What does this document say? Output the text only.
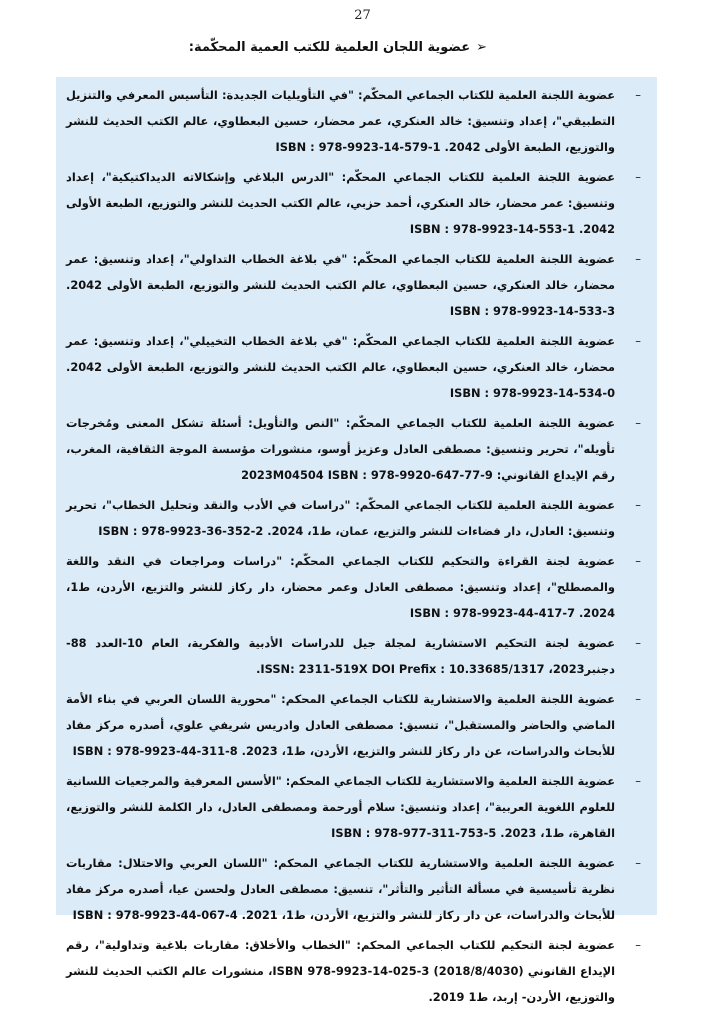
27
➢
عضوية اللجان العلمية للكتب العمية المحكّمة:
–
عضوية اللجنة العلمية للكتاب الجماعي المحكّم: "في التأويليات الجديدة: التأسيس المعرفي والتنزيل التطبيقي"، إعداد وتنسيق: خالد العنكري، عمر محضار، حسين البعطاوي، عالم الكتب الحديث للنشر والتوزيع، الطبعة الأولى 2042. ISBN : 978-9923-14-579-1
–
عضوية اللجنة العلمية للكتاب الجماعي المحكّم: "الدرس البلاغي وإشكالاته الديداكتيكية"، إعداد وتنسيق: عمر محضار، خالد العنكري، أحمد حزبي، عالم الكتب الحديث للنشر والتوزيع، الطبعة الأولى 2042. ISBN : 978-9923-14-553-1
–
عضوية اللجنة العلمية للكتاب الجماعي المحكّم: "في بلاغة الخطاب التداولي"، إعداد وتنسيق: عمر محضار، خالد العنكري، حسين البعطاوي، عالم الكتب الحديث للنشر والتوزيع، الطبعة الأولى 2042. ISBN : 978-9923-14-533-3
–
عضوية اللجنة العلمية للكتاب الجماعي المحكّم: "في بلاغة الخطاب التخييلي"، إعداد وتنسيق: عمر محضار، خالد العنكري، حسين البعطاوي، عالم الكتب الحديث للنشر والتوزيع، الطبعة الأولى 2042. ISBN : 978-9923-14-534-0
–
عضوية اللجنة العلمية للكتاب الجماعي المحكّم: "النص والتأويل: أسئلة تشكل المعنى ومُخرجات تأويله"، تحرير وتنسيق: مصطفى العادل وعزيز أوسو، منشورات مؤسسة الموجة الثقافية، المغرب، رقم الإيداع القانوني: 2023M04504 ISBN : 978-9920-647-77-9
–
عضوية اللجنة العلمية للكتاب الجماعي المحكّم: "دراسات في الأدب والنقد وتحليل الخطاب"، تحرير وتنسيق: العادل، دار فضاءات للنشر والتزيع، عمان، ط1، 2024. ISBN : 978-9923-36-352-2
–
عضوية لجنة القراءة والتحكيم للكتاب الجماعي المحكّم: "دراسات ومراجعات في النقد واللغة والمصطلح"، إعداد وتنسيق: مصطفى العادل وعمر محضار، دار ركاز للنشر والتزيع، الأردن، ط1، 2024. ISBN : 978-9923-44-417-7
–
عضوية لجنة التحكيم الاستشارية لمجلة جيل للدراسات الأدبية والفكرية، العام 10-العدد 88- دجنبر2023، ISSN: 2311-519X DOI Prefix : 10.33685/1317.
–
عضوية اللجنة العلمية والاستشارية للكتاب الجماعي المحكم: "محورية اللسان العربي في بناء الأمة الماضي والحاضر والمستقبل"، تنسيق: مصطفى العادل وادريس شريفي علوي، أصدره مركز مفاد للأبحاث والدراسات، عن دار ركاز للنشر والتزيع، الأردن، ط1، 2023. ISBN : 978-9923-44-311-8
–
عضوية اللجنة العلمية والاستشارية للكتاب الجماعي المحكم: "الأسس المعرفية والمرجعيات اللسانية للعلوم اللغوية العربية"، إعداد وتنسيق: سلام أورحمة ومصطفى العادل، دار الكلمة للنشر والتوزيع، القاهرة، ط1، 2023. ISBN : 978-977-311-753-5
–
عضوية اللجنة العلمية والاستشارية للكتاب الجماعي المحكم: "اللسان العربي والاحتلال: مقاربات نظرية تأسيسية في مسألة التأثير والتأثر"، تنسيق: مصطفى العادل ولحسن عيا، أصدره مركز مفاد للأبحاث والدراسات، عن دار ركاز للنشر والتزيع، الأردن، ط1، 2021. ISBN : 978-9923-44-067-4
–
عضوية لجنة التحكيم للكتاب الجماعي المحكم: "الخطاب والأخلاق: مقاربات بلاغية وتداولية"، رقم الإيداع القانوني (2018/8/4030) ISBN 978-9923-14-025-3، منشورات عالم الكتب الحديث للنشر والتوزيع، الأردن- إربد، ط1 2019.
